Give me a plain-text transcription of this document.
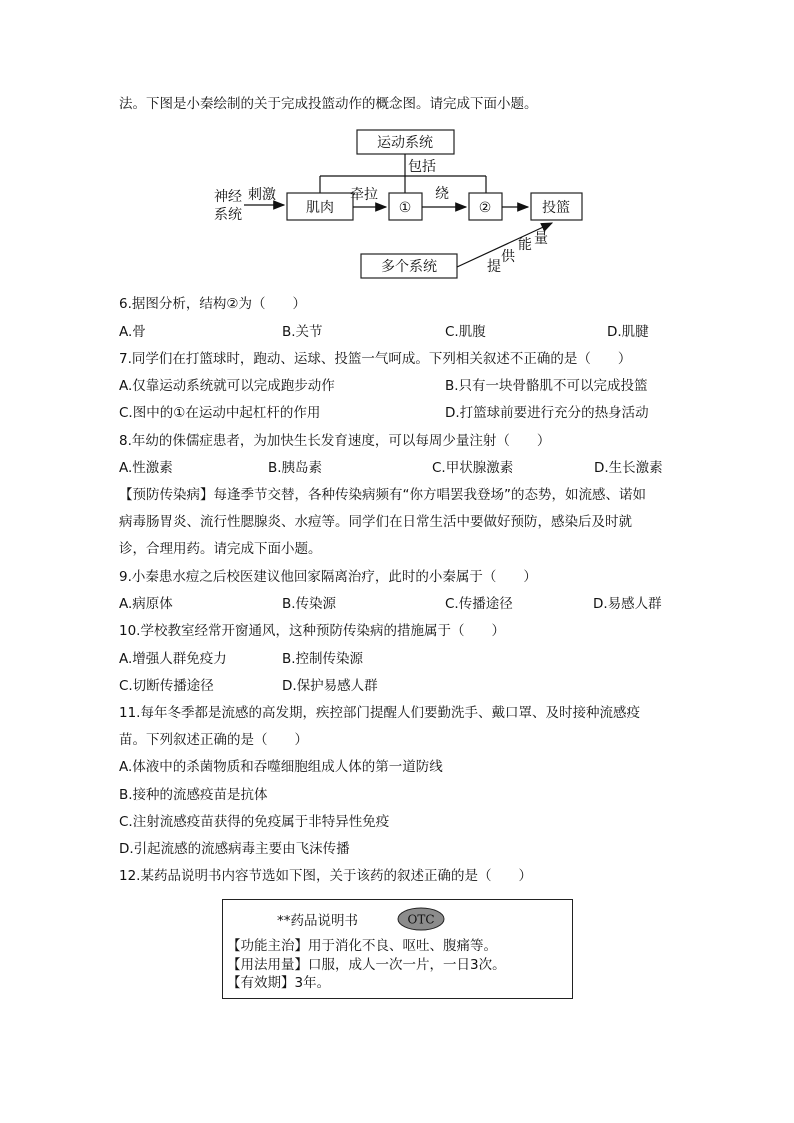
法。下图是小秦绘制的关于完成投篮动作的概念图。请完成下面小题。
运动系统
包括
神经
系统
刺激
肌肉
牵拉
①
绕
②	投篮
多个系统	提
供
能 量
6.据图分析，结构②为（　　）
A.骨	B.关节	C.肌腹	D.肌腱
7.同学们在打篮球时，跑动、运球、投篮一气呵成。下列相关叙述不正确的是（　　）
A.仅靠运动系统就可以完成跑步动作	B.只有一块骨骼肌不可以完成投篮
C.图中的①在运动中起杠杆的作用	D.打篮球前要进行充分的热身活动
8.年幼的侏儒症患者，为加快生长发育速度，可以每周少量注射（　　）
A.性激素	B.胰岛素	C.甲状腺激素	D.生长激素
【预防传染病】每逢季节交替，各种传染病频有“你方唱罢我登场”的态势，如流感、诺如
病毒肠胃炎、流行性腮腺炎、水痘等。同学们在日常生活中要做好预防，感染后及时就
诊，合理用药。请完成下面小题。
9.小秦患水痘之后校医建议他回家隔离治疗，此时的小秦属于（　　）
A.病原体	B.传染源	C.传播途径	D.易感人群
10.学校教室经常开窗通风，这种预防传染病的措施属于（　　）
A.增强人群免疫力	B.控制传染源
C.切断传播途径	D.保护易感人群
11.每年冬季都是流感的高发期，疾控部门提醒人们要勤洗手、戴口罩、及时接种流感疫
苗。下列叙述正确的是（　　）
A.体液中的杀菌物质和吞噬细胞组成人体的第一道防线
B.接种的流感疫苗是抗体
C.注射流感疫苗获得的免疫属于非特异性免疫
D.引起流感的流感病毒主要由飞沫传播
12.某药品说明书内容节选如下图，关于该药的叙述正确的是（　　）
**药品说明书	OTC
【功能主治】用于消化不良、呕吐、腹痛等。
【用法用量】口服，成人一次一片，一日3次。
【有效期】3年。
